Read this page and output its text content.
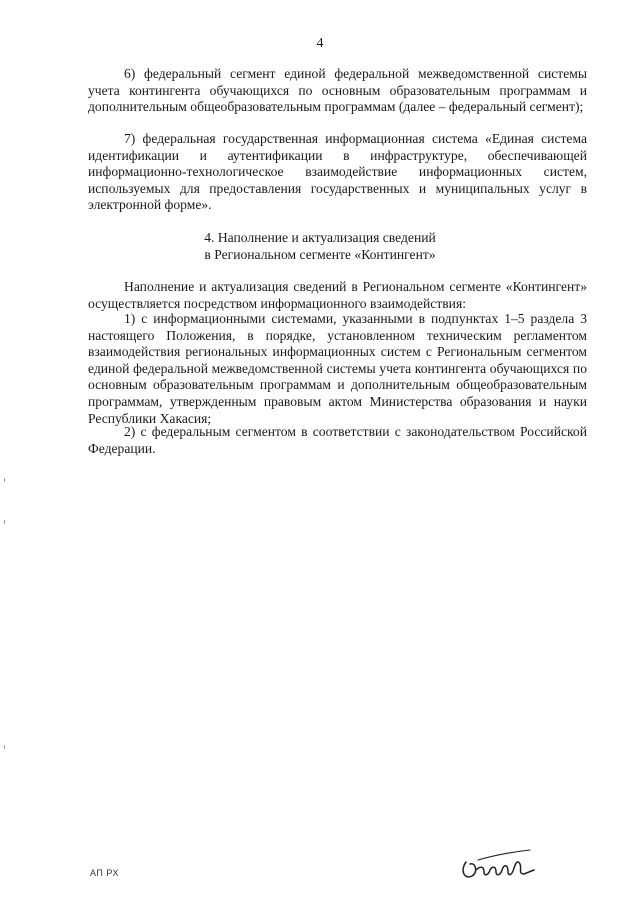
4

6) федеральный сегмент единой федеральной межведомственной системы учета контингента обучающихся по основным образовательным программам и дополнительным общеобразовательным программам (далее – федеральный сегмент);

7) федеральная государственная информационная система «Единая система идентификации и аутентификации в инфраструктуре, обеспечивающей информационно-технологическое взаимодействие информационных систем, используемых для предоставления государственных и муниципальных услуг в электронной форме».

4. Наполнение и актуализация сведений

в Региональном сегменте «Контингент»

Наполнение и актуализация сведений в Региональном сегменте «Контингент» осуществляется посредством информационного взаимодействия:

1) с информационными системами, указанными в подпунктах 1–5 раздела 3 настоящего Положения, в порядке, установленном техническим регламентом взаимодействия региональных информационных систем с Региональным сегментом единой федеральной межведомственной системы учета контингента обучающихся по основным образовательным программам и дополнительным общеобразовательным программам, утвержденным правовым актом Министерства образования и науки Республики Хакасия;

2) с федеральным сегментом в соответствии с законодательством Российской Федерации.

АП РХ
